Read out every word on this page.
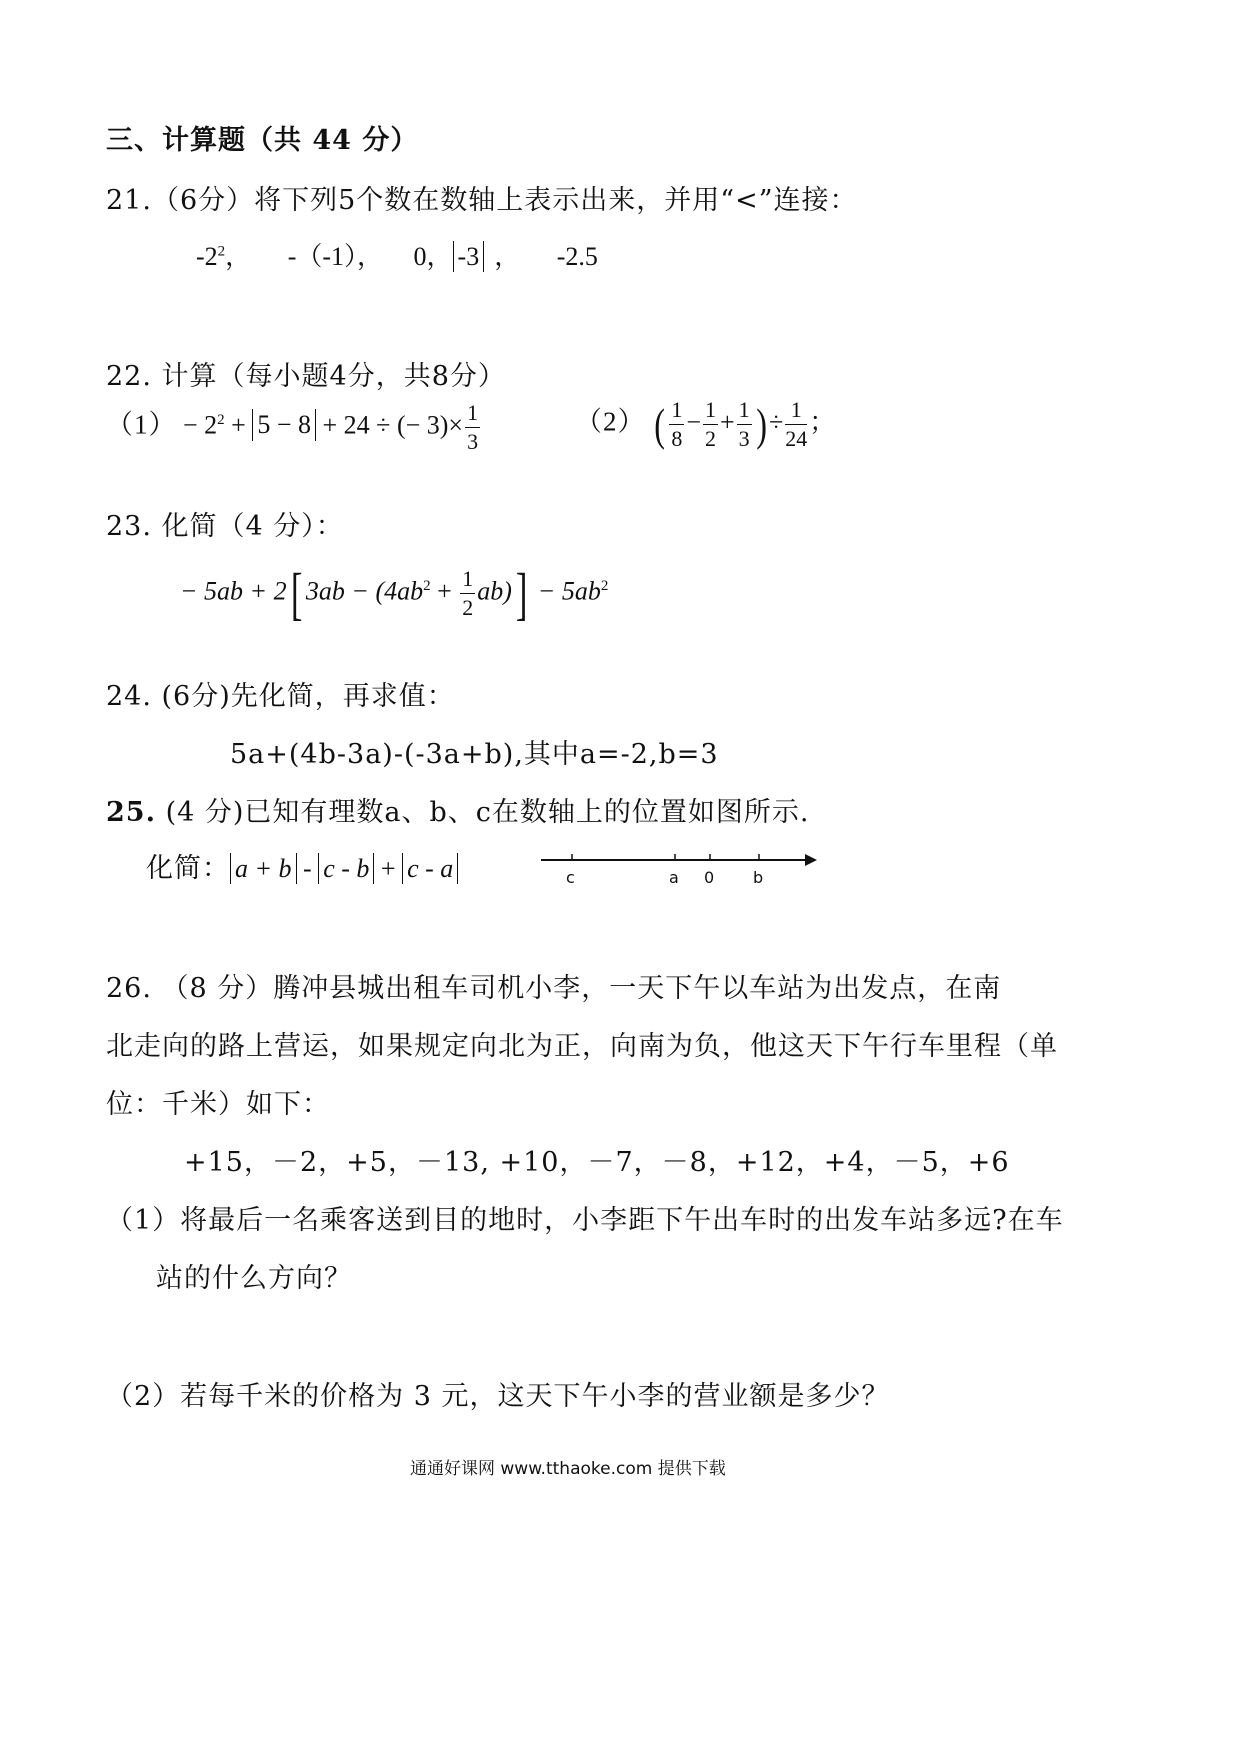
三、计算题（共 44 分）
21.（6分）将下列5个数在数轴上表示出来，并用“<”连接：
$-2^2$， -（-1）， 0， -3 ， -2.5
22. 计算（每小题4分，共8分）
$(1) - 2^2 + 5 - 8 + 24$ ÷ (− $3)\times \frac{1}{3}$	（2） ( $\frac{1}{8} - \frac{1}{2} + \frac{1}{3}$ )÷ $\frac{1}{24}$ ；
23. 化简（4 分）：
− 5ab + 2[ $3ab - (4ab^2 + \frac{1}{2} ab)] - 5ab^2$
24. (6分)先化简，再求值：
5a+(4b-3a)-(-3a+b),其中a=-2,b=3
25. (4 分)已知有理数a、b、c在数轴上的位置如图所示.
化简： a + b - c - b + c - a	c	a 0 b
26. （8 分）腾冲县城出租车司机小李，一天下午以车站为出发点，在南
北走向的路上营运，如果规定向北为正，向南为负，他这天下午行车里程（单
位：千米）如下：
+15，－2，+5，－13, +10，－7，－8，+12，+4，－5，+6
（1）将最后一名乘客送到目的地时，小李距下午出车时的出发车站多远?在车
站的什么方向？
（2）若每千米的价格为 3 元，这天下午小李的营业额是多少？
通通好课网 www.tthaoke.com 提供下载
